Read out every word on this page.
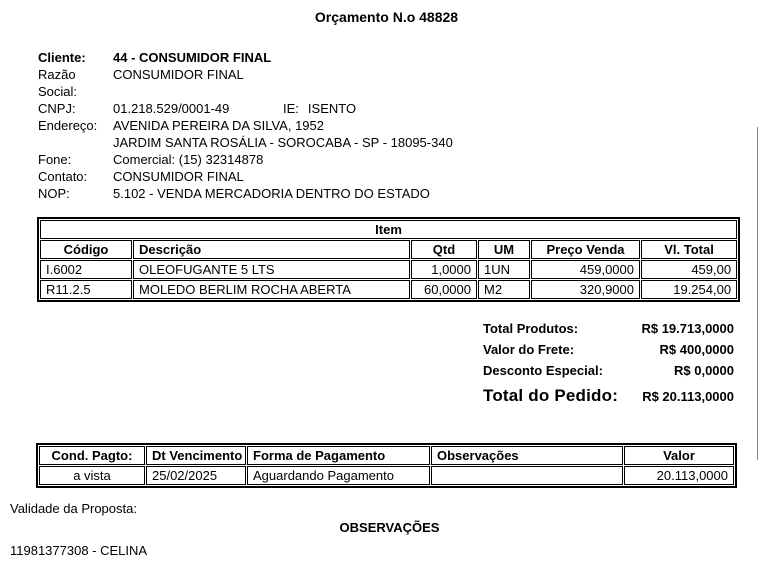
Orçamento N.o 48828
Cliente:	44 - CONSUMIDOR FINAL
Razão Social:
CONSUMIDOR FINAL
CNPJ:	01.218.529/0001-49	IE: ISENTO
Endereço:	AVENIDA PEREIRA DA SILVA, 1952
JARDIM SANTA ROSÁLIA - SOROCABA - SP - 18095-340
Fone:	Comercial: (15) 32314878
Contato:	CONSUMIDOR FINAL
NOP:	5.102 - VENDA MERCADORIA DENTRO DO ESTADO
Item					
Código	Descrição	Qtd	UM	Preço Venda	Vl. Total
I.6002	OLEOFUGANTE 5 LTS	1,0000	1UN	459,0000	459,00
R11.2.5	MOLEDO BERLIM ROCHA ABERTA	60,0000	M2	320,9000	19.254,00
Total Produtos:	R$ 19.713,0000
Valor do Frete:	R$ 400,0000
Desconto Especial:	R$ 0,0000
Total do Pedido: R$ 20.113,0000
Cond. Pagto:	Dt Vencimento	Forma de Pagamento	Observações	Valor
a vista	25/02/2025	Aguardando Pagamento		20.113,0000
Validade da Proposta:
OBSERVAÇÕES
11981377308 - CELINA
